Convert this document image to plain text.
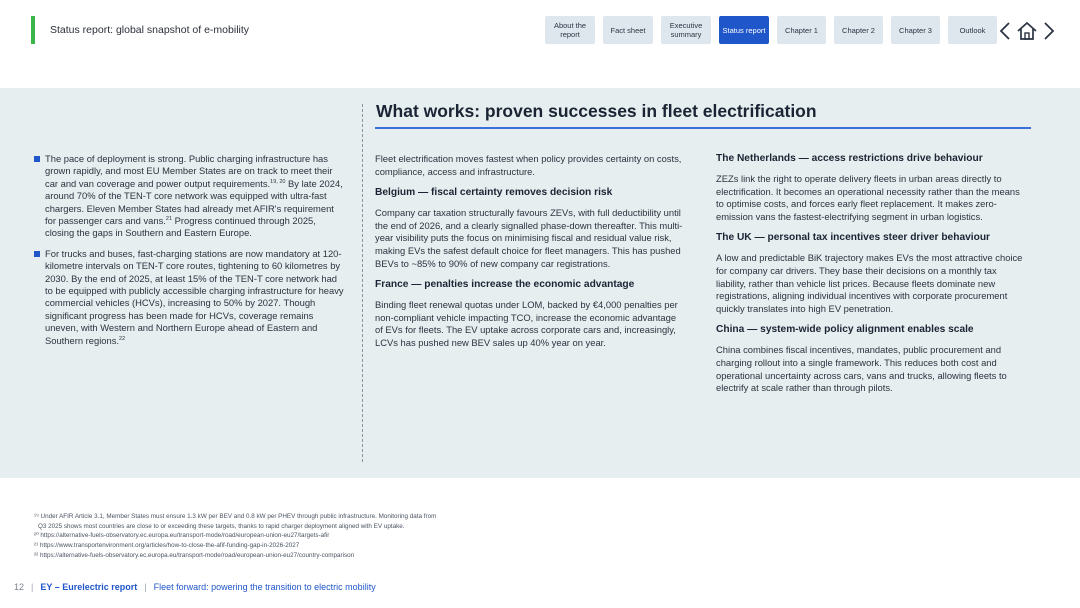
Status report: global snapshot of e-mobility	About the report	Fact sheet	Executive summary	Status report	Chapter 1	Chapter 2	Chapter 3	Outlook
What works: proven successes in fleet electrification
The pace of deployment is strong. Public charging infrastructure has grown rapidly, and most EU Member States are on track to meet their car and van coverage and power output requirements.$^{19, 20}$ By late 2024, around 70% of the TEN-T core network was equipped with ultra-fast chargers. Eleven Member States had already met AFIR's requirement for passenger cars and vans.$^{21}$ Progress continued through 2025, closing the gaps in Southern and Eastern Europe.
For trucks and buses, fast-charging stations are now mandatory at 120-kilometre intervals on TEN-T core routes, tightening to 60 kilometres by 2030. By the end of 2025, at least 15% of the TEN-T core network had to be equipped with publicly accessible charging infrastructure for heavy commercial vehicles (HCVs), increasing to 50% by 2027. Though significant progress has been made for HCVs, coverage remains uneven, with Western and Northern Europe ahead of Eastern and Southern regions.$^{22}$

Fleet electrification moves fastest when policy provides certainty on costs, compliance, access and infrastructure.

Belgium — fiscal certainty removes decision risk

Company car taxation structurally favours ZEVs, with full deductibility until the end of 2026, and a clearly signalled phase-down thereafter. This multi-year visibility puts the focus on minimising fiscal and residual value risk, making EVs the safest default choice for fleet managers. This has pushed BEVs to ~85% to 90% of new company car registrations.

France — penalties increase the economic advantage

Binding fleet renewal quotas under LOM, backed by €4,000 penalties per non-compliant vehicle impacting TCO, increase the economic advantage of EVs for fleets. The EV uptake across corporate cars and, increasingly, LCVs has pushed new BEV sales up 40% year on year.

The Netherlands — access restrictions drive behaviour

ZEZs link the right to operate delivery fleets in urban areas directly to electrification. It becomes an operational necessity rather than the means to optimise costs, and forces early fleet replacement. It makes zero-emission vans the fastest-electrifying segment in urban logistics.

The UK — personal tax incentives steer driver behaviour

A low and predictable BiK trajectory makes EVs the most attractive choice for company car drivers. They base their decisions on a monthly tax liability, rather than vehicle list prices. Because fleets dominate new registrations, aligning individual incentives with corporate procurement quickly translates into high EV penetration.

China — system-wide policy alignment enables scale

China combines fiscal incentives, mandates, public procurement and charging rollout into a single framework. This reduces both cost and operational uncertainty across cars, vans and trucks, allowing fleets to electrify at scale rather than through pilots.

¹⁹ Under AFIR Article 3.1, Member States must ensure 1.3 kW per BEV and 0.8 kW per PHEV through public infrastructure. Monitoring data from
Q3 2025 shows most countries are close to or exceeding these targets, thanks to rapid charger deployment aligned with EV uptake.
²⁰ https://alternative-fuels-observatory.ec.europa.eu/transport-mode/road/european-union-eu27/targets-afir
²¹ https://www.transportenvironment.org/articles/how-to-close-the-afif-funding-gap-in-2026-2027
²² https://alternative-fuels-observatory.ec.europa.eu/transport-mode/road/european-union-eu27/country-comparison
12 | EY – Eurelectric report | Fleet forward: powering the transition to electric mobility
